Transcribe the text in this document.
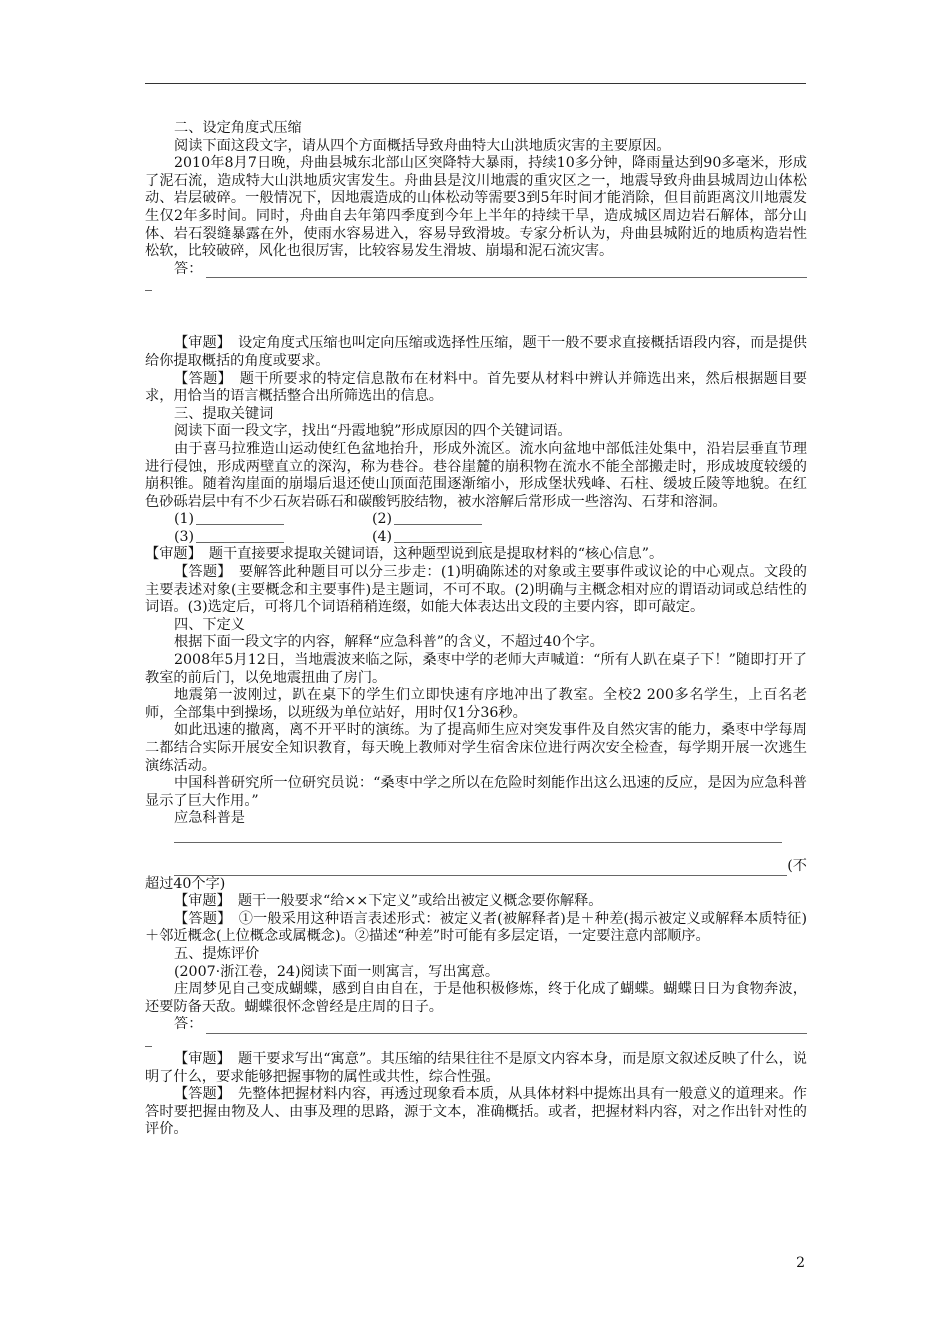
二、设定角度式压缩

阅读下面这段文字，请从四个方面概括导致舟曲特大山洪地质灾害的主要原因。

2010年8月7日晚，舟曲县城东北部山区突降特大暴雨，持续10多分钟，降雨量达到90多毫米，形成了泥石流，造成特大山洪地质灾害发生。舟曲县是汶川地震的重灾区之一，地震导致舟曲县城周边山体松动、岩层破碎。一般情况下，因地震造成的山体松动等需要3到5年时间才能消除，但目前距离汶川地震发生仅2年多时间。同时，舟曲自去年第四季度到今年上半年的持续干旱，造成城区周边岩石解体，部分山体、岩石裂缝暴露在外，使雨水容易进入，容易导致滑坡。专家分析认为，舟曲县城附近的地质构造岩性松软，比较破碎，风化也很厉害，比较容易发生滑坡、崩塌和泥石流灾害。

答：

【审题】　 设定角度式压缩也叫定向压缩或选择性压缩，题干一般不要求直接概括语段内容，而是提供给你提取概括的角度或要求。

【答题】　 题干所要求的特定信息散布在材料中。首先要从材料中辨认并筛选出来，然后根据题目要求，用恰当的语言概括整合出所筛选出的信息。

三、提取关键词

阅读下面一段文字，找出“丹霞地貌”形成原因的四个关键词语。

由于喜马拉雅造山运动使红色盆地抬升，形成外流区。流水向盆地中部低洼处集中，沿岩层垂直节理进行侵蚀，形成两壁直立的深沟，称为巷谷。巷谷崖麓的崩积物在流水不能全部搬走时，形成坡度较缓的崩积锥。随着沟崖面的崩塌后退还使山顶面范围逐渐缩小，形成堡状残峰、石柱、缓坡丘陵等地貌。在红色砂砾岩层中有不少石灰岩砾石和碳酸钙胶结物，被水溶解后常形成一些溶沟、石芽和溶洞。

(1)	(2)
(3)	(4)

【审题】　 题干直接要求提取关键词语，这种题型说到底是提取材料的“核心信息”。

【答题】　 要解答此种题目可以分三步走：(1)明确陈述的对象或主要事件或议论的中心观点。文段的主要表述对象(主要概念和主要事件)是主题词，不可不取。(2)明确与主概念相对应的谓语动词或总结性的词语。(3)选定后，可将几个词语稍稍连缀，如能大体表达出文段的主要内容，即可敲定。

四、下定义

根据下面一段文字的内容，解释“应急科普”的含义，不超过40个字。

2008年5月12日，当地震波来临之际，桑枣中学的老师大声喊道：“所有人趴在桌子下！”随即打开了教室的前后门，以免地震扭曲了房门。

地震第一波刚过，趴在桌下的学生们立即快速有序地冲出了教室。全校2 200多名学生，上百名老师，全部集中到操场，以班级为单位站好，用时仅1分36秒。

如此迅速的撤离，离不开平时的演练。为了提高师生应对突发事件及自然灾害的能力，桑枣中学每周二都结合实际开展安全知识教育，每天晚上教师对学生宿舍床位进行两次安全检查，每学期开展一次逃生演练活动。

中国科普研究所一位研究员说：“桑枣中学之所以在危险时刻能作出这么迅速的反应，是因为应急科普显示了巨大作用。”

应急科普是

(不

超过40个字)

【审题】　 题干一般要求“给××下定义”或给出被定义概念要你解释。

【答题】　 ①一般采用这种语言表述形式：被定义者(被解释者)是＋种差(揭示被定义或解释本质特征)＋邻近概念(上位概念或属概念)。②描述“种差”时可能有多层定语，一定要注意内部顺序。

五、提炼评价

(2007·浙江卷，24)阅读下面一则寓言，写出寓意。

庄周梦见自己变成蝴蝶，感到自由自在，于是他积极修炼，终于化成了蝴蝶。蝴蝶日日为食物奔波，还要防备天敌。蝴蝶很怀念曾经是庄周的日子。

答：

【审题】　 题干要求写出“寓意”。其压缩的结果往往不是原文内容本身，而是原文叙述反映了什么，说明了什么，要求能够把握事物的属性或共性，综合性强。

【答题】　 先整体把握材料内容，再透过现象看本质，从具体材料中提炼出具有一般意义的道理来。作答时要把握由物及人、由事及理的思路，源于文本，准确概括。或者，把握材料内容，对之作出针对性的评价。

2
